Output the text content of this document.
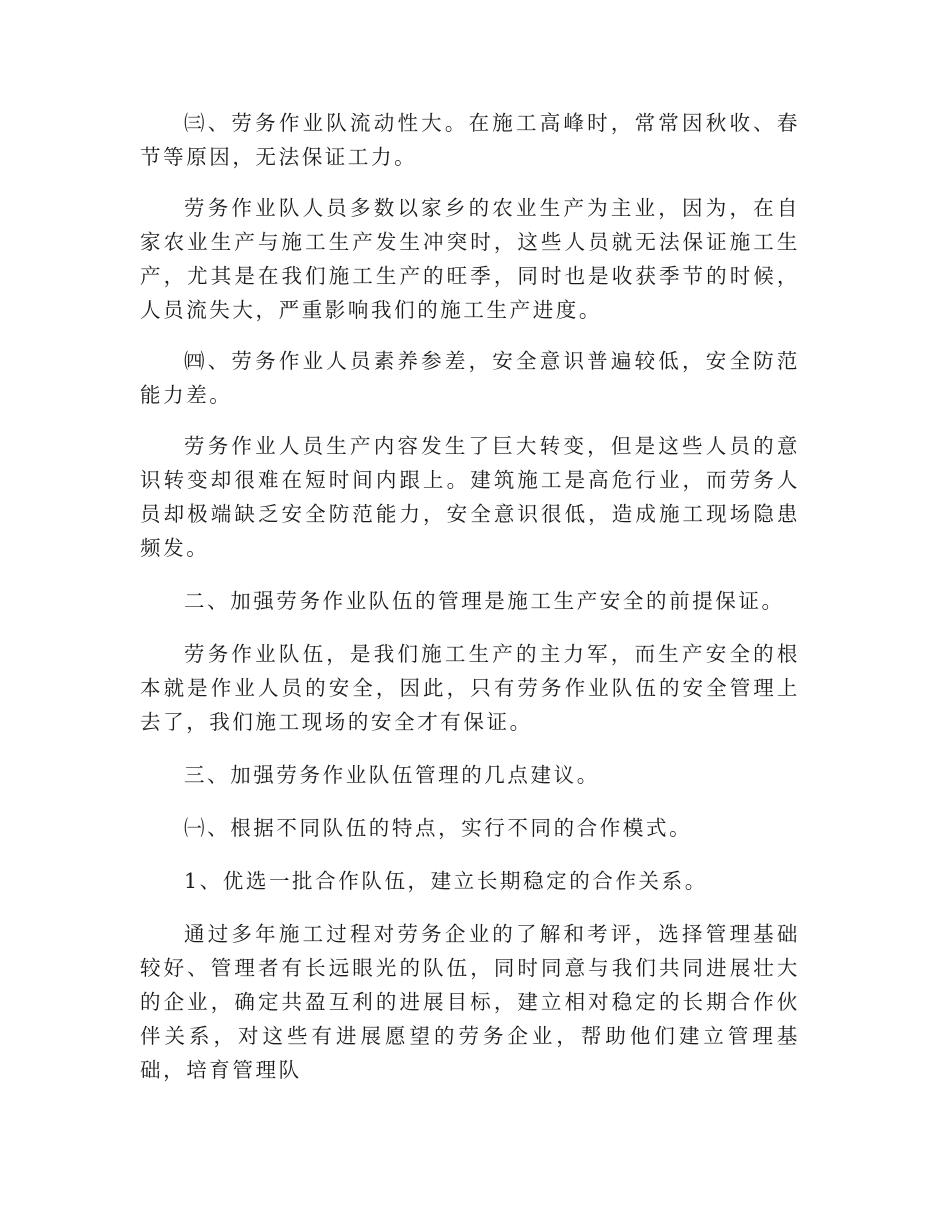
㈢、劳务作业队流动性大。在施工高峰时，常常因秋收、春节等原因，无法保证工力。

劳务作业队人员多数以家乡的农业生产为主业，因为，在自家农业生产与施工生产发生冲突时，这些人员就无法保证施工生产，尤其是在我们施工生产的旺季，同时也是收获季节的时候，人员流失大，严重影响我们的施工生产进度。

㈣、劳务作业人员素养参差，安全意识普遍较低，安全防范能力差。

劳务作业人员生产内容发生了巨大转变，但是这些人员的意识转变却很难在短时间内跟上。建筑施工是高危行业，而劳务人员却极端缺乏安全防范能力，安全意识很低，造成施工现场隐患频发。

二、加强劳务作业队伍的管理是施工生产安全的前提保证。

劳务作业队伍，是我们施工生产的主力军，而生产安全的根本就是作业人员的安全，因此，只有劳务作业队伍的安全管理上去了，我们施工现场的安全才有保证。

三、加强劳务作业队伍管理的几点建议。

㈠、根据不同队伍的特点，实行不同的合作模式。

1、优选一批合作队伍，建立长期稳定的合作关系。

通过多年施工过程对劳务企业的了解和考评，选择管理基础较好、管理者有长远眼光的队伍，同时同意与我们共同进展壮大的企业，确定共盈互利的进展目标，建立相对稳定的长期合作伙伴关系，对这些有进展愿望的劳务企业，帮助他们建立管理基础，培育管理队
